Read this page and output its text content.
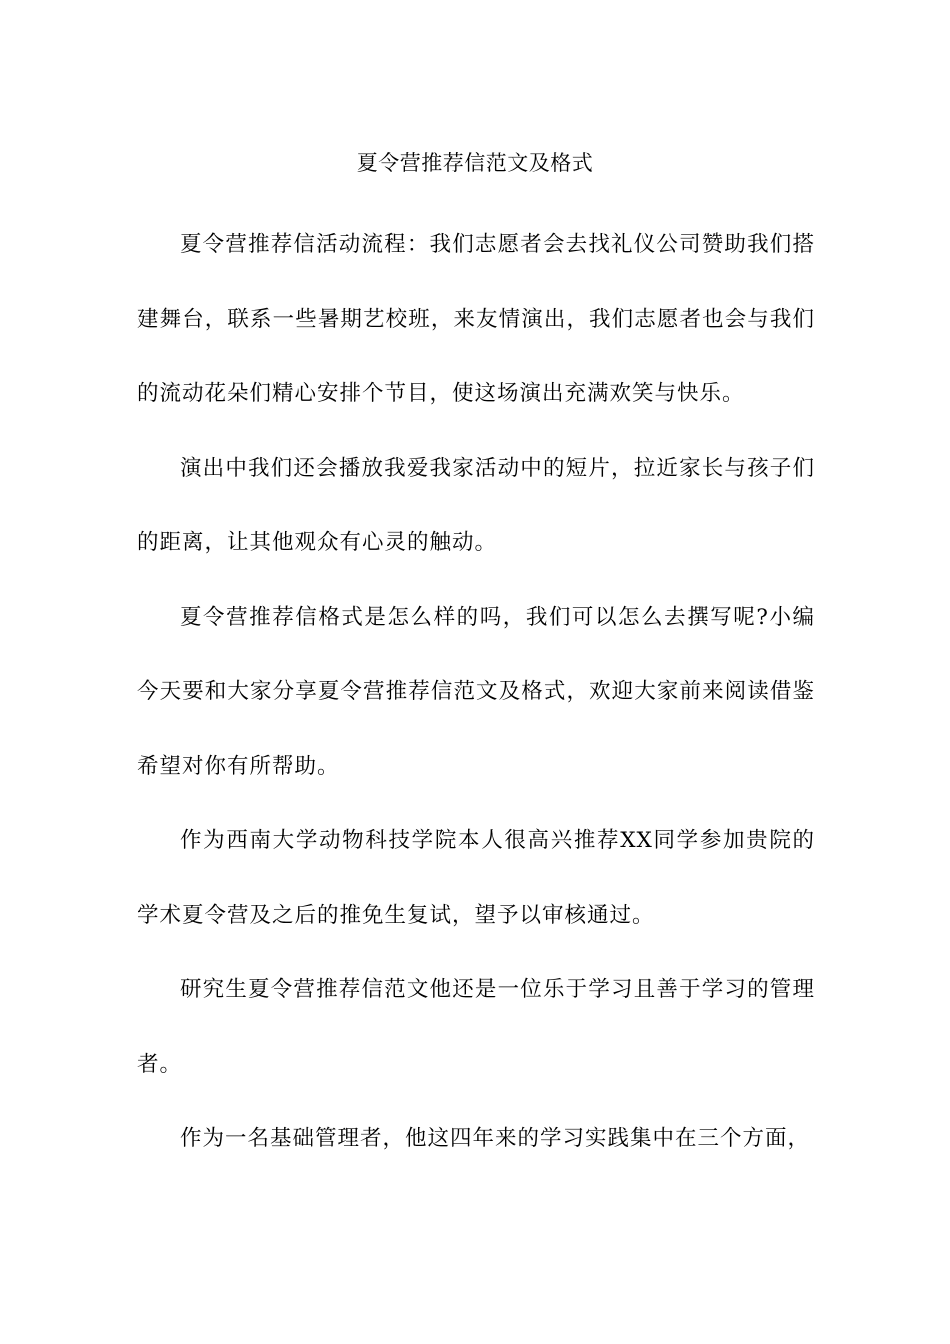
夏令营推荐信范文及格式

夏令营推荐信活动流程：我们志愿者会去找礼仪公司赞助我们搭建舞台，联系一些暑期艺校班，来友情演出，我们志愿者也会与我们的流动花朵们精心安排个节目，使这场演出充满欢笑与快乐。

演出中我们还会播放我爱我家活动中的短片，拉近家长与孩子们的距离，让其他观众有心灵的触动。

夏令营推荐信格式是怎么样的吗，我们可以怎么去撰写呢?小编今天要和大家分享夏令营推荐信范文及格式，欢迎大家前来阅读借鉴希望对你有所帮助。

作为西南大学动物科技学院本人很高兴推荐XX同学参加贵院的学术夏令营及之后的推免生复试，望予以审核通过。

研究生夏令营推荐信范文他还是一位乐于学习且善于学习的管理者。

作为一名基础管理者，他这四年来的学习实践集中在三个方面，
